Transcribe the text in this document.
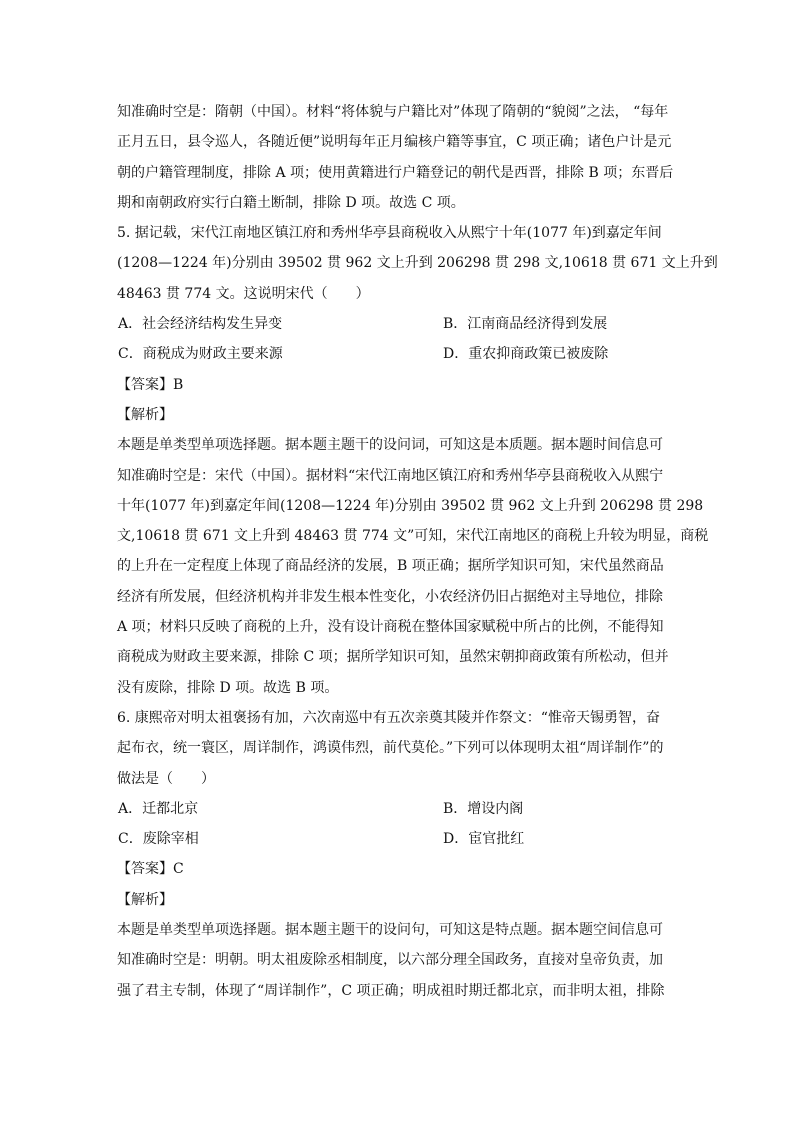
知准确时空是：隋朝（中国）。材料“将体貌与户籍比对”体现了隋朝的“貌阅”之法， “每年
正月五日，县令巡人，各随近便”说明每年正月编核户籍等事宜，C 项正确；诸色户计是元
朝的户籍管理制度，排除 A 项；使用黄籍进行户籍登记的朝代是西晋，排除 B 项；东晋后
期和南朝政府实行白籍土断制，排除 D 项。故选 C 项。
5. 据记载，宋代江南地区镇江府和秀州华亭县商税收入从熙宁十年(1077 年)到嘉定年间
(1208—1224 年)分别由 39502 贯 962 文上升到 206298 贯 298 文,10618 贯 671 文上升到
48463 贯 774 文。这说明宋代（　　）
A．社会经济结构发生异变	B．江南商品经济得到发展
C．商税成为财政主要来源	D．重农抑商政策已被废除
【答案】B
【解析】
本题是单类型单项选择题。据本题主题干的设问词，可知这是本质题。据本题时间信息可
知准确时空是：宋代（中国）。据材料“宋代江南地区镇江府和秀州华亭县商税收入从熙宁
十年(1077 年)到嘉定年间(1208—1224 年)分别由 39502 贯 962 文上升到 206298 贯 298
文,10618 贯 671 文上升到 48463 贯 774 文”可知，宋代江南地区的商税上升较为明显，商税
的上升在一定程度上体现了商品经济的发展，B 项正确；据所学知识可知，宋代虽然商品
经济有所发展，但经济机构并非发生根本性变化，小农经济仍旧占据绝对主导地位，排除
A 项；材料只反映了商税的上升，没有设计商税在整体国家赋税中所占的比例，不能得知
商税成为财政主要来源，排除 C 项；据所学知识可知，虽然宋朝抑商政策有所松动，但并
没有废除，排除 D 项。故选 B 项。
6. 康熙帝对明太祖褒扬有加，六次南巡中有五次亲奠其陵并作祭文：“惟帝天锡勇智，奋
起布衣，统一寰区，周详制作，鸿谟伟烈，前代莫伦。”下列可以体现明太祖“周详制作”的
做法是（　　）
A．迁都北京	B．增设内阁
C．废除宰相	D．宦官批红
【答案】C
【解析】
本题是单类型单项选择题。据本题主题干的设问句，可知这是特点题。据本题空间信息可
知准确时空是：明朝。明太祖废除丞相制度，以六部分理全国政务，直接对皇帝负责，加
强了君主专制，体现了“周详制作”，C 项正确；明成祖时期迁都北京，而非明太祖，排除
